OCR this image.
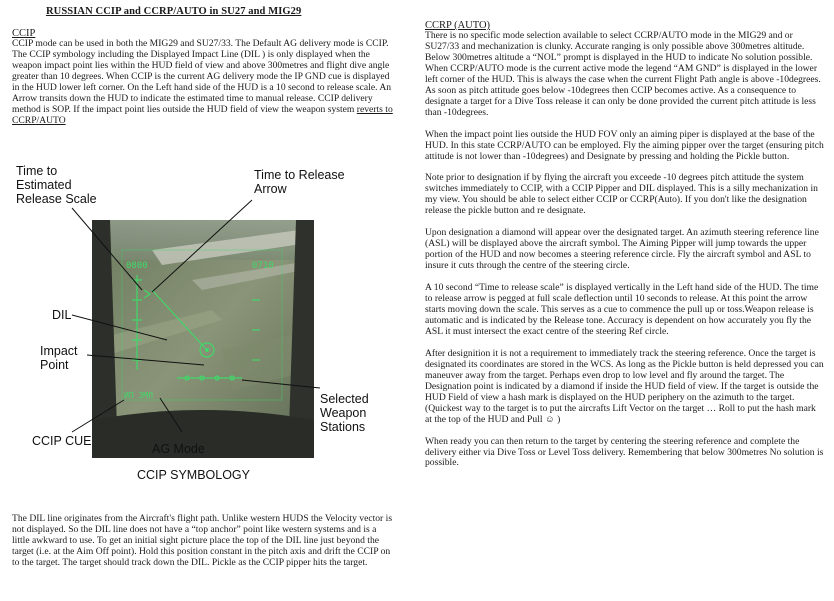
RUSSIAN CCIP and CCRP/AUTO in SU27 and MIG29
CCIP

CCIP mode can be used in both the MIG29 and SU27/33. The Default AG delivery mode is CCIP. The CCIP symbology including the Displayed Impact Line (DIL ) is only displayed when the weapon impact point lies within the HUD field of view and above 300metres and flight dive angle greater than 10 degrees. When CCIP is the current AG delivery mode the IP GND cue is displayed in the HUD lower left corner. On the Left hand side of the HUD is a 10 second to release scale. An Arrow transits down the HUD to indicate the estimated time to manual release. CCIP delivery method is SOP. If the impact point lies outside the HUD field of view the weapon system reverts to CCRP/AUTO

0800	0710
ИП ЗМЛ
Time to Estimated Release Scale
Time to Release Arrow
DIL
Impact Point
Selected Weapon Stations
CCIP CUE
AG Mode
CCIP SYMBOLOGY

The DIL line originates from the Aircraft's flight path. Unlike western HUDS the Velocity vector is not displayed. So the DIL line does not have a “top anchor” point like western systems and is a little awkward to use. To get an initial sight picture place the top of the DIL line just beyond the target (i.e. at the Aim Off point). Hold this position constant in the pitch axis and drift the CCIP on to the target. The target should track down the DIL. Pickle as the CCIP pipper hits the target.

CCRP (AUTO)

There is no specific mode selection available to select CCRP/AUTO mode in the MIG29 and or SU27/33 and mechanization is clunky. Accurate ranging is only possible above 300metres altitude. Below 300metres altitude a “NOL” prompt is displayed in the HUD to indicate No solution possible. When CCRP/AUTO mode is the current active mode the legend “AM GND” is displayed in the lower left corner of the HUD. This is always the case when the current Flight Path angle is above -10degrees. As soon as pitch attitude goes below -10degrees then CCIP becomes active. As a consequence to designate a target for a Dive Toss release it can only be done provided the current pitch attitude is less than -10degrees.

When the impact point lies outside the HUD FOV only an aiming piper is displayed at the base of the HUD. In this state CCRP/AUTO can be employed. Fly the aiming pipper over the target (ensuring pitch attitude is not lower than -10degrees) and Designate by pressing and holding the Pickle button.

Note prior to designation if by flying the aircraft you exceede -10 degrees pitch attitude the system switches immediately to CCIP, with a CCIP Pipper and DIL displayed. This is a silly mechanization in my view. You should be able to select either CCIP or CCRP(Auto). If you don't like the designation release the pickle button and re designate.

Upon designation a diamond will appear over the designated target. An azimuth steering reference line (ASL) will be displayed above the aircraft symbol. The Aiming Pipper will jump towards the upper portion of the HUD and now becomes a steering reference circle. Fly the aircraft symbol and ASL to insure it cuts through the centre of the steering circle.

A 10 second “Time to release scale” is displayed vertically in the Left hand side of the HUD. The time to release arrow is pegged at full scale deflection until 10 seconds to release. At this point the arrow starts moving down the scale. This serves as a cue to commence the pull up or toss.Weapon release is automatic and is indicated by the Release tone. Accuracy is dependent on how accurately you fly the ASL it must intersect the exact centre of the steering Ref circle.

After designition it is not a requirement to immediately track the steering reference. Once the target is designated its coordinates are stored in the WCS. As long as the Pickle button is held depressed you can maneuver away from the target. Perhaps even drop to low level and fly around the target. The Designation point is indicated by a diamond if inside the HUD field of view. If the target is outside the HUD Field of view a hash mark is displayed on the HUD periphery on the azimuth to the target. (Quickest way to the target is to put the aircrafts Lift Vector on the target … Roll to put the hash mark at the top of the HUD and Pull ☺ )

When ready you can then return to the target by centering the steering reference and complete the delivery either via Dive Toss or Level Toss delivery. Remembering that below 300metres No solution is possible.
